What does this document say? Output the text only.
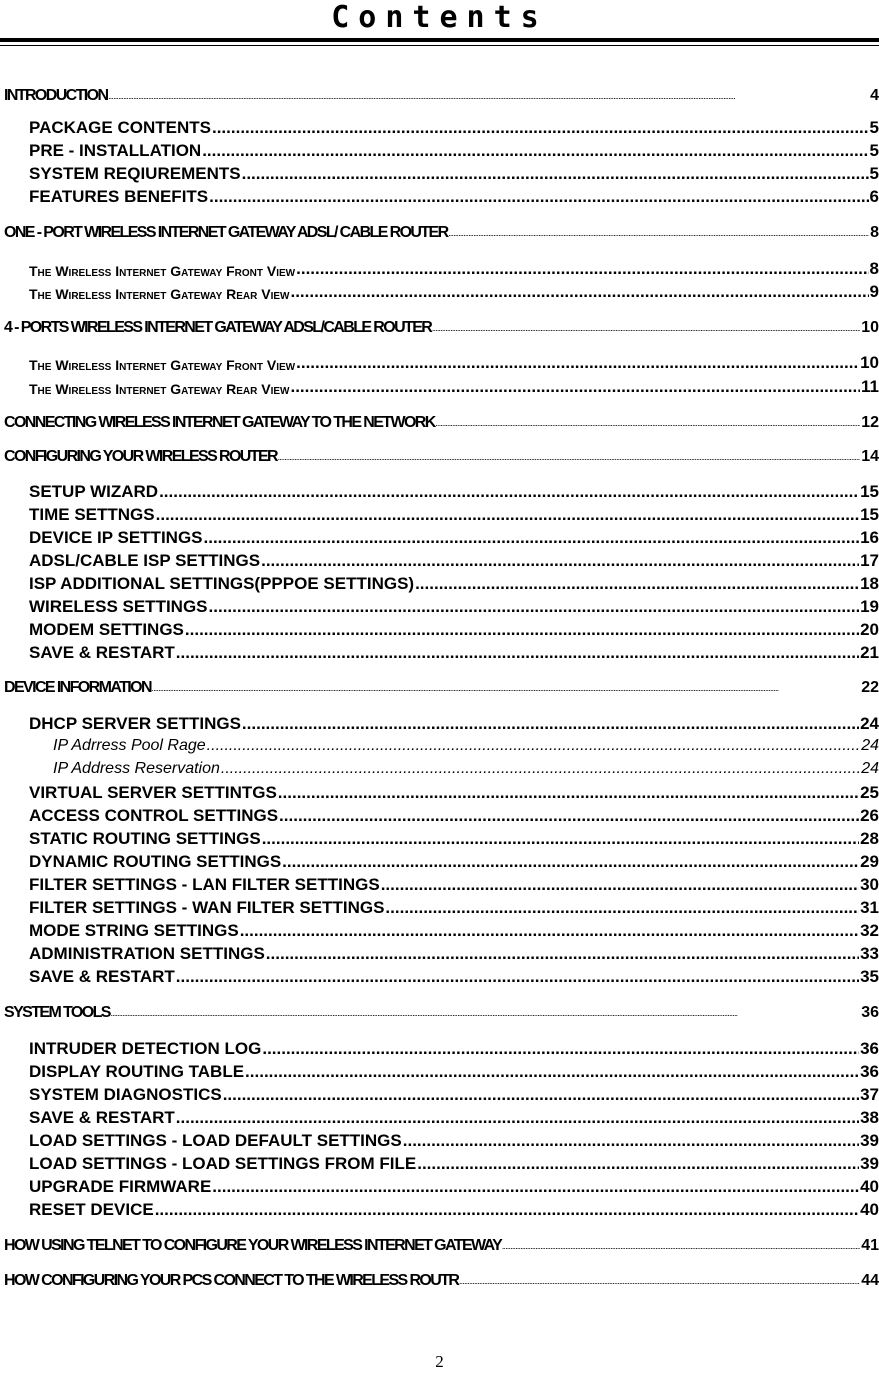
Contents
INTRODUCTION .....	4
PACKAGE CONTENTS .....	5
PRE - INSTALLATION .....	5
SYSTEM REQIUREMENTS .....	5
FEATURES BENEFITS .....	6
ONE - PORT WIRELESS INTERNET GATEWAY ADSL/ CABLE ROUTER .....	8
The Wireless Internet Gateway Front View .....	8
The Wireless Internet Gateway Rear View .....	9
4 - PORTS WIRELESS INTERNET GATEWAY ADSL/CABLE ROUTER .....	10
The Wireless Internet Gateway Front View .....	10
The Wireless Internet Gateway Rear View .....	11
CONNECTING WIRELESS INTERNET GATEWAY TO THE NETWORK .....	12
CONFIGURING YOUR WIRELESS ROUTER .....	14
SETUP WIZARD .....	15
TIME SETTNGS .....	15
DEVICE IP SETTINGS .....	16
ADSL/CABLE ISP SETTINGS .....	17
ISP ADDITIONAL SETTINGS(PPPOE SETTINGS) .....	18
WIRELESS SETTINGS .....	19
MODEM SETTINGS .....	20
SAVE & RESTART .....	21
DEVICE INFORMATION .....	22
DHCP SERVER SETTINGS .....	24
IP Adrress Pool Rage .....	24
IP Address Reservation .....	24
VIRTUAL SERVER SETTINTGS .....	25
ACCESS CONTROL SETTINGS .....	26
STATIC ROUTING SETTINGS .....	28
DYNAMIC ROUTING SETTINGS .....	29
FILTER SETTINGS - LAN FILTER SETTINGS .....	30
FILTER SETTINGS - WAN FILTER SETTINGS .....	31
MODE STRING SETTINGS .....	32
ADMINISTRATION SETTINGS .....	33
SAVE & RESTART .....	35
SYSTEM TOOLS .....	36
INTRUDER DETECTION LOG .....	36
DISPLAY ROUTING TABLE .....	36
SYSTEM DIAGNOSTICS .....	37
SAVE & RESTART .....	38
LOAD SETTINGS - LOAD DEFAULT SETTINGS .....	39
LOAD SETTINGS - LOAD SETTINGS FROM FILE .....	39
UPGRADE FIRMWARE .....	40
RESET DEVICE .....	40
HOW USING TELNET TO CONFIGURE YOUR WIRELESS INTERNET GATEWAY .....	41
HOW CONFIGURING YOUR PCS CONNECT TO THE WIRELESS ROUTR .....	44
2
